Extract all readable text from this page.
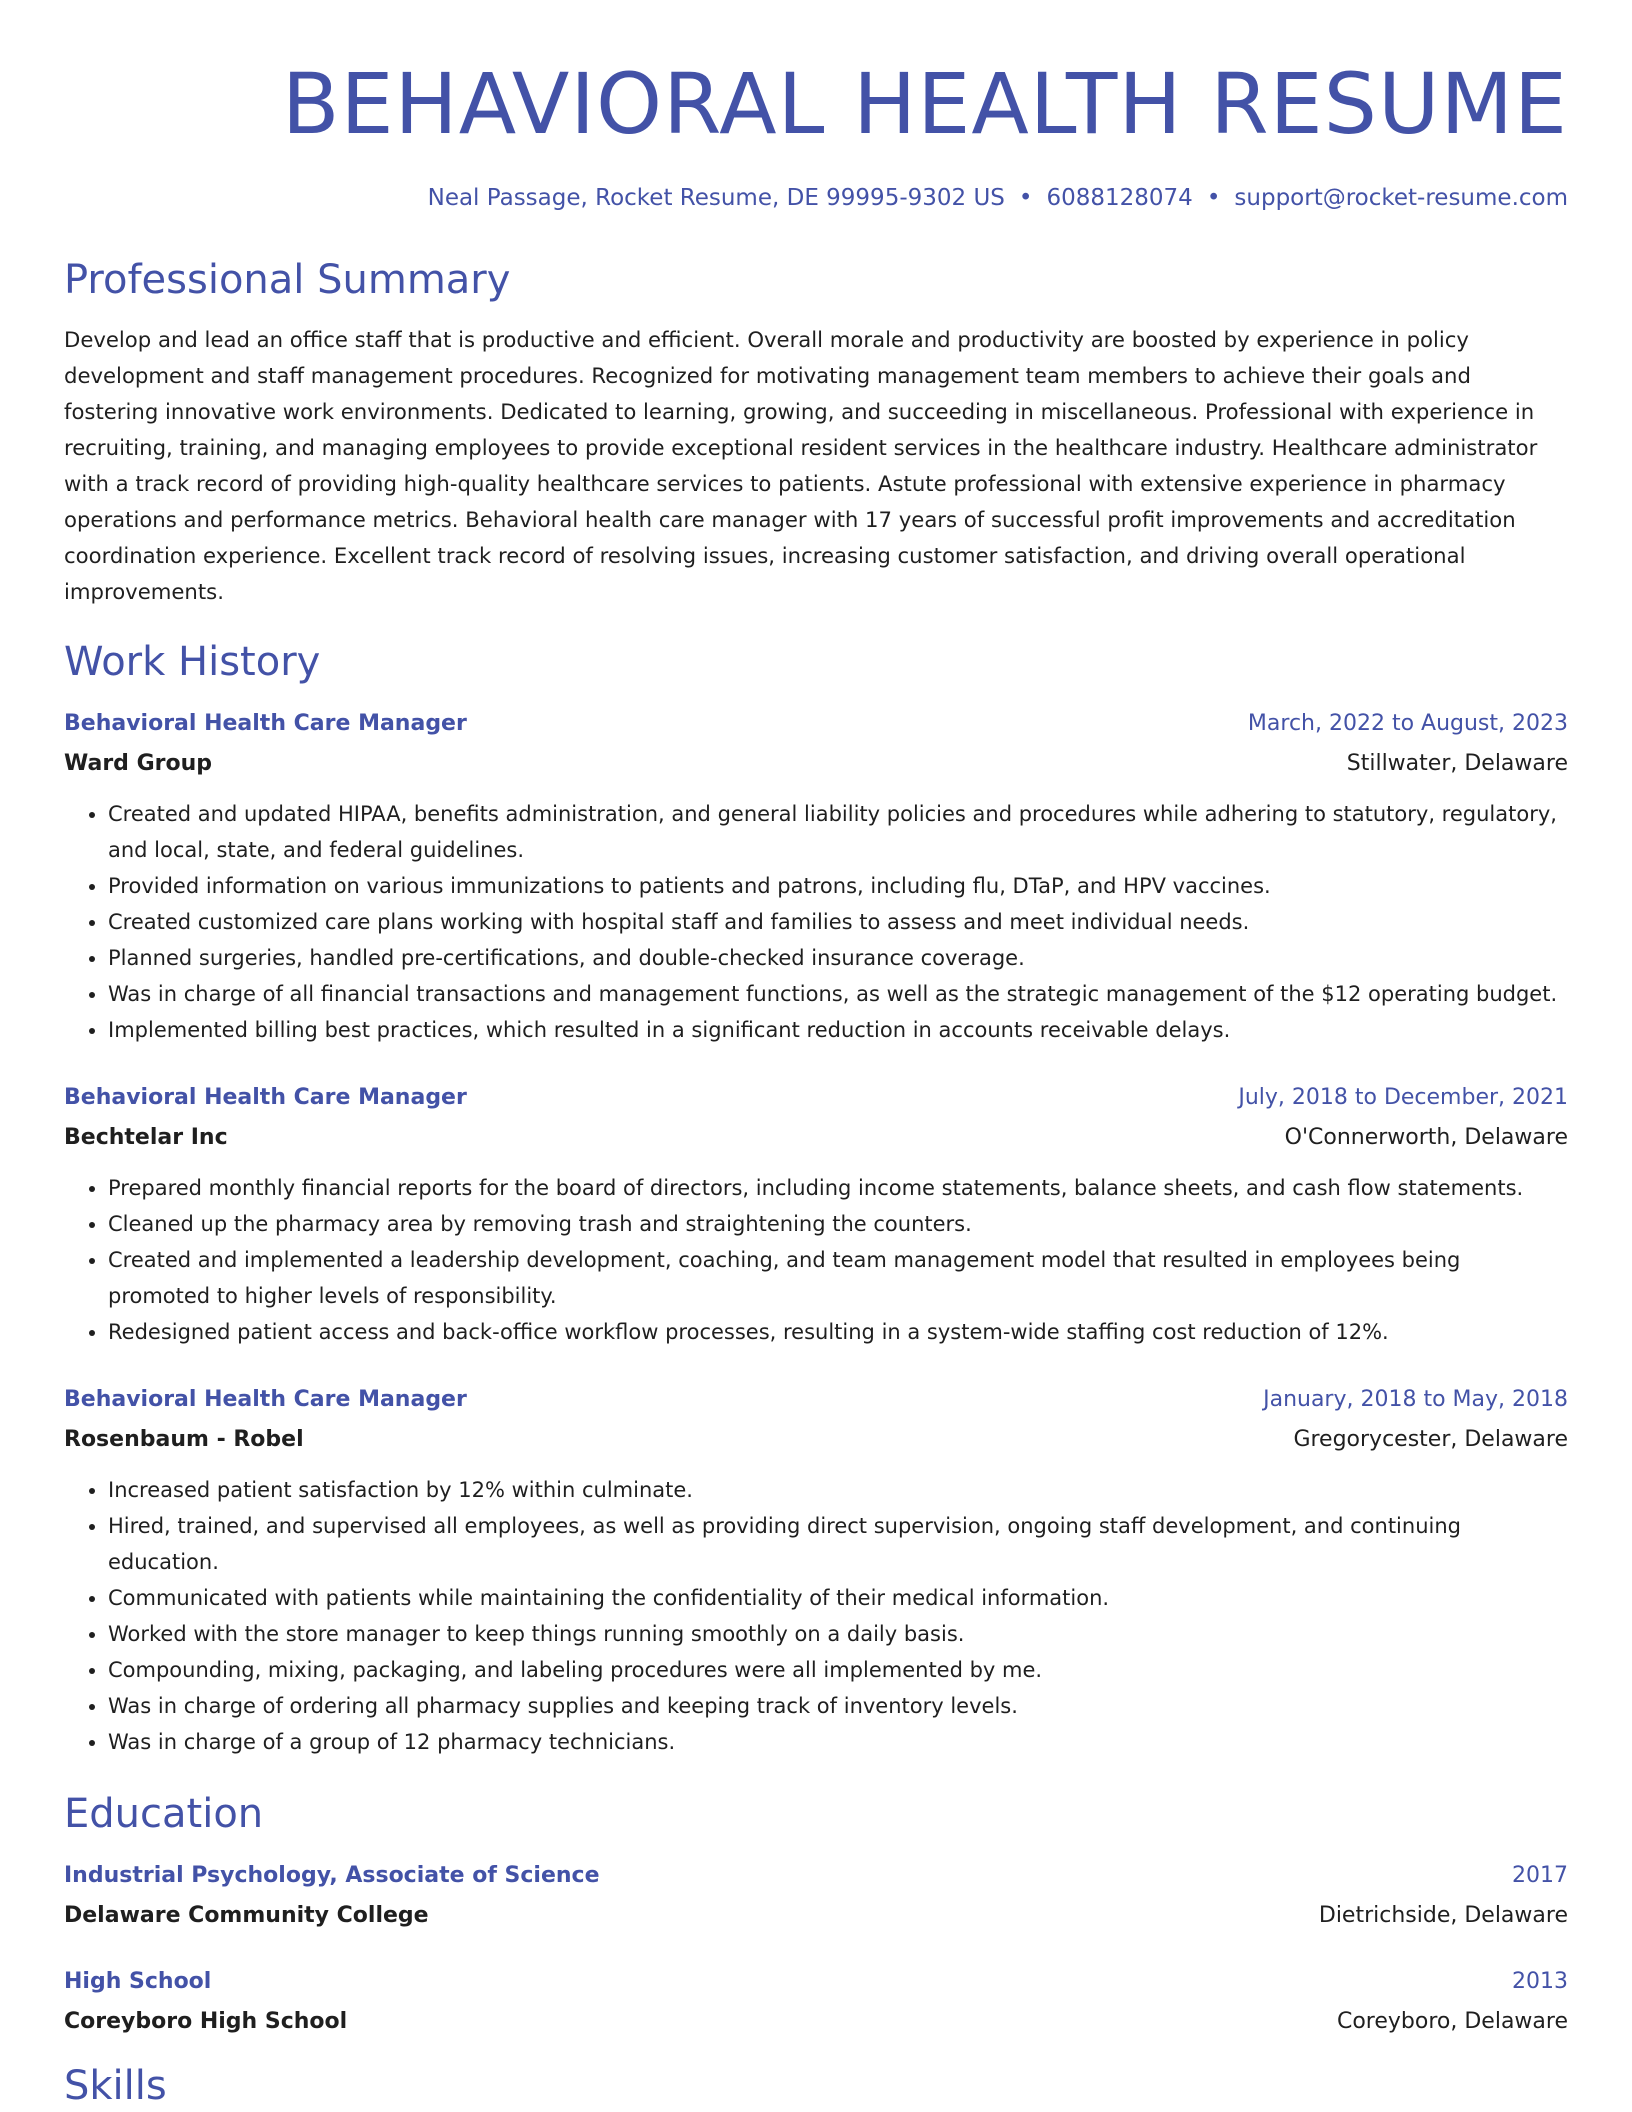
BEHAVIORAL HEALTH RESUME
Neal Passage, Rocket Resume, DE 99995-9302 US • 6088128074 • support@rocket-resume.com
Professional Summary
Develop and lead an office staff that is productive and efficient. Overall morale and productivity are boosted by experience in policy development and staff management procedures. Recognized for motivating management team members to achieve their goals and fostering innovative work environments. Dedicated to learning, growing, and succeeding in miscellaneous. Professional with experience in recruiting, training, and managing employees to provide exceptional resident services in the healthcare industry. Healthcare administrator with a track record of providing high-quality healthcare services to patients. Astute professional with extensive experience in pharmacy operations and performance metrics. Behavioral health care manager with 17 years of successful profit improvements and accreditation coordination experience. Excellent track record of resolving issues, increasing customer satisfaction, and driving overall operational improvements.
Work History
Behavioral Health Care Manager	March, 2022 to August, 2023
Ward Group	Stillwater, Delaware
• Created and updated HIPAA, benefits administration, and general liability policies and procedures while adhering to statutory, regulatory, and local, state, and federal guidelines.
• Provided information on various immunizations to patients and patrons, including flu, DTaP, and HPV vaccines.
• Created customized care plans working with hospital staff and families to assess and meet individual needs.
• Planned surgeries, handled pre-certifications, and double-checked insurance coverage.
• Was in charge of all financial transactions and management functions, as well as the strategic management of the $12 operating budget.
• Implemented billing best practices, which resulted in a significant reduction in accounts receivable delays.
Behavioral Health Care Manager	July, 2018 to December, 2021
Bechtelar Inc	O'Connerworth, Delaware
• Prepared monthly financial reports for the board of directors, including income statements, balance sheets, and cash flow statements.
• Cleaned up the pharmacy area by removing trash and straightening the counters.
• Created and implemented a leadership development, coaching, and team management model that resulted in employees being promoted to higher levels of responsibility.
• Redesigned patient access and back-office workflow processes, resulting in a system-wide staffing cost reduction of 12%.
Behavioral Health Care Manager	January, 2018 to May, 2018
Rosenbaum - Robel	Gregorycester, Delaware
• Increased patient satisfaction by 12% within culminate.
• Hired, trained, and supervised all employees, as well as providing direct supervision, ongoing staff development, and continuing education.
• Communicated with patients while maintaining the confidentiality of their medical information.
• Worked with the store manager to keep things running smoothly on a daily basis.
• Compounding, mixing, packaging, and labeling procedures were all implemented by me.
• Was in charge of ordering all pharmacy supplies and keeping track of inventory levels.
• Was in charge of a group of 12 pharmacy technicians.
Education
Industrial Psychology, Associate of Science	2017
Delaware Community College	Dietrichside, Delaware
High School	2013
Coreyboro High School	Coreyboro, Delaware
Skills
